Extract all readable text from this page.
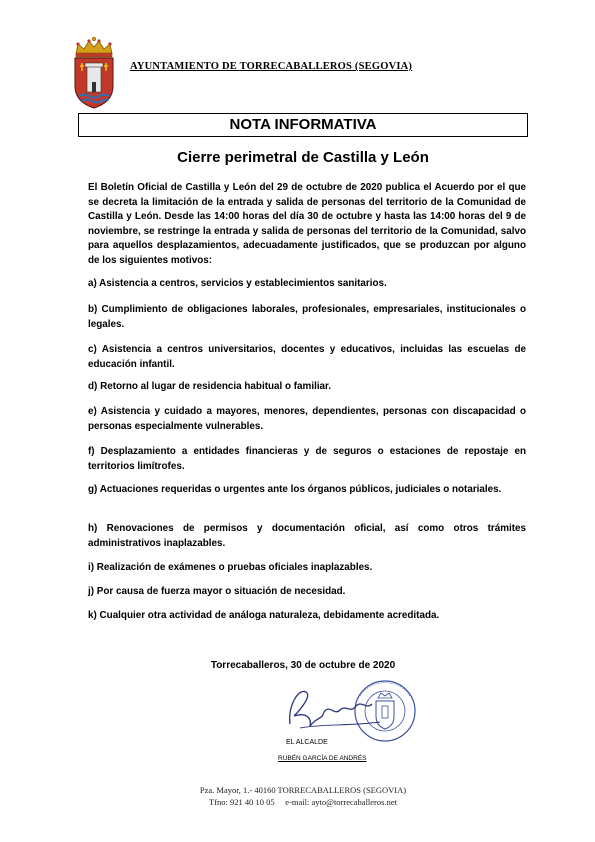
AYUNTAMIENTO DE TORRECABALLEROS (SEGOVIA)
NOTA INFORMATIVA
Cierre perimetral de Castilla y León
El Boletín Oficial de Castilla y León del 29 de octubre de 2020 publica el Acuerdo por el que se decreta la limitación de la entrada y salida de personas del territorio de la Comunidad de Castilla y León. Desde las 14:00 horas del día 30 de octubre y hasta las 14:00 horas del 9 de noviembre, se restringe la entrada y salida de personas del territorio de la Comunidad, salvo para aquellos desplazamientos, adecuadamente justificados, que se produzcan por alguno de los siguientes motivos:
a) Asistencia a centros, servicios y establecimientos sanitarios.
b) Cumplimiento de obligaciones laborales, profesionales, empresariales, institucionales o legales.
c) Asistencia a centros universitarios, docentes y educativos, incluidas las escuelas de educación infantil.
d) Retorno al lugar de residencia habitual o familiar.
e) Asistencia y cuidado a mayores, menores, dependientes, personas con discapacidad o personas especialmente vulnerables.
f) Desplazamiento a entidades financieras y de seguros o estaciones de repostaje en territorios limítrofes.
g) Actuaciones requeridas o urgentes ante los órganos públicos, judiciales o notariales.
h) Renovaciones de permisos y documentación oficial, así como otros trámites administrativos inaplazables.
i) Realización de exámenes o pruebas oficiales inaplazables.
j) Por causa de fuerza mayor o situación de necesidad.
k) Cualquier otra actividad de análoga naturaleza, debidamente acreditada.
Torrecaballeros, 30 de octubre de 2020
EL ALCALDE
RUBÉN GARCÍA DE ANDRÉS
Pza. Mayor, 1.- 40160 TORRECABALLEROS (SEGOVIA)
Tfno: 921 40 10 05     e-mail: ayto@torrecaballeros.net
